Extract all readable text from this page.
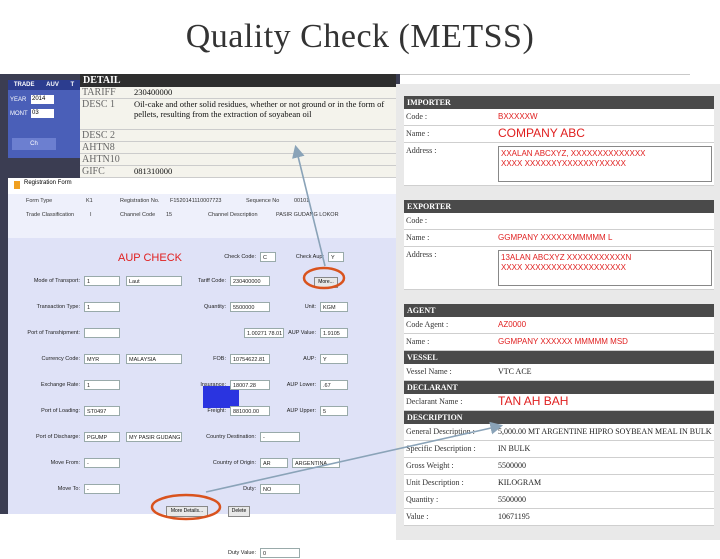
Quality Check (METSS)
TRADE AUV T
YEAR 2014
MONT 03
Ch
DETAIL
TARIFF	230400000
DESC 1	Oil-cake and other solid residues, whether or not ground or in the form of pellets, resulting from the extraction of soyabean oil
DESC 2
AHTN8
AHTN10
GIFC	081310000
Registration Form
Form Type	K1	Registration No. F1520141110007723	Sequence No	00101
Trade Classification	I	Channel Code 15	Channel Description	PASIR GUDANG LOKOR
AUP CHECK	Check Code:	C	Check Aup:	Y
Mode of Transport:	1	Laut
Transaction Type:	1
Port of Transhipment:
Currency Code:	MYR	MALAYSIA
Exchange Rate:	1
Port of Loading:	ST0497
Port of Discharge:	PGUMP	MY PASIR GUDANG
Move From:	-
Move To:	-
Tariff Code:	230400000	More...
Quantity:	5500000	Unit:	KGM
1.00271 78.01	AUP Value:	1.9105
FOB:	10754622.81	AUP:	Y
Insurance:	18007.28	AUP Lower:	.67
Freight:	881000.00	AUP Upper:	5
Country Destination:	-
Country of Origin:	AR	ARGENTINA
Duty:	NO
Duty Value:	0
More Details...	Delete
IMPORTER
Code :	BXXXXXW
Name :	COMPANY ABC
Address :	XXALAN ABCXYZ, XXXXXXXXXXXXXX
XXXX XXXXXXYXXXXXXYXXXXX
EXPORTER
Code :
Name :	GGMPANY XXXXXXMMMMM L
Address :	13ALAN ABCXYZ XXXXXXXXXXXN
XXXX XXXXXXXXXXXXXXXXXXX
AGENT
Code Agent :	AZ0000
Name :	GGMPANY XXXXXX MMMMM MSD
VESSEL
Vessel Name :	VTC ACE
DECLARANT
Declarant Name :	TAN AH BAH
DESCRIPTION
General Description :	5,000.00 MT ARGENTINE HIPRO SOYBEAN MEAL IN BULK
Specific Description :	IN BULK
Gross Weight :	5500000
Unit Description :	KILOGRAM
Quantity :	5500000
Value :	10671195
